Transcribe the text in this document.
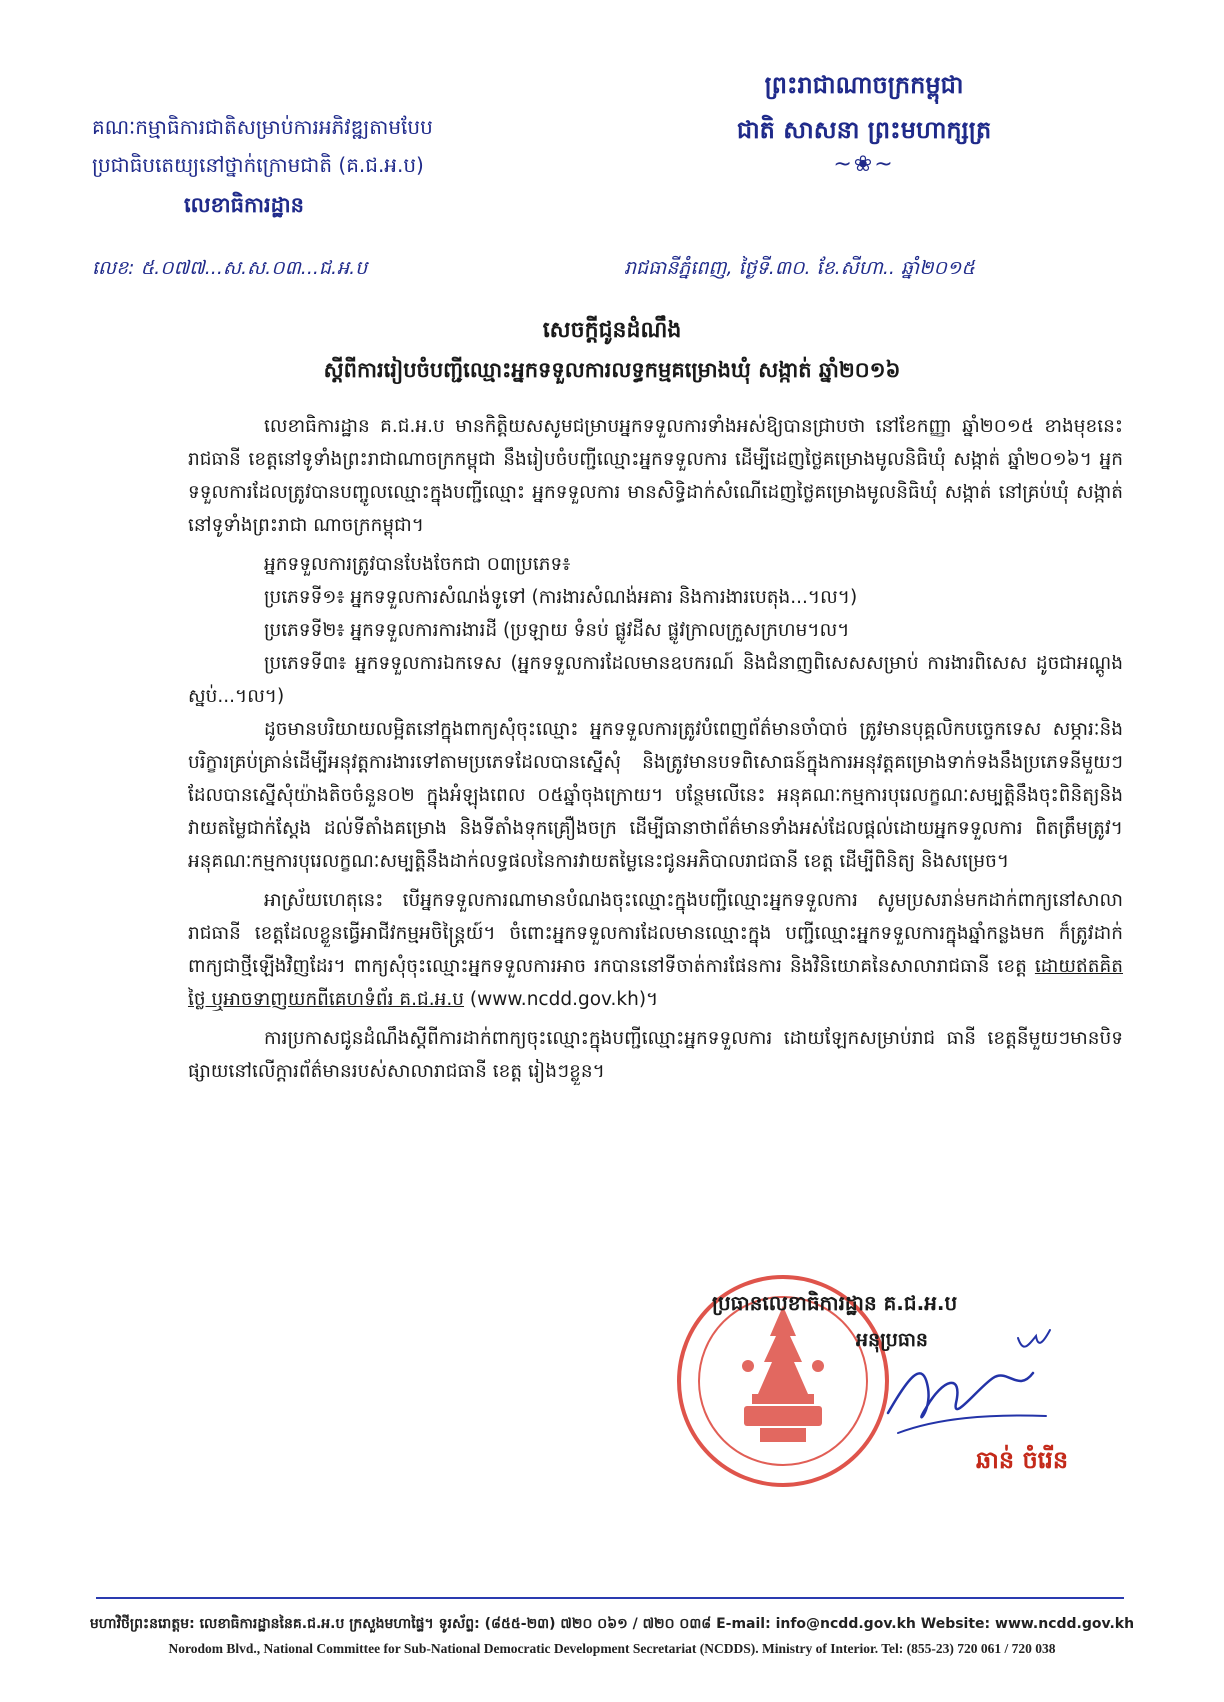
ព្រះរាជាណាចក្រកម្ពុជា
ជាតិ សាសនា ព្រះមហាក្សត្រ
~❀~
គណៈកម្មាធិការជាតិសម្រាប់ការអភិវឌ្ឍតាមបែប
ប្រជាធិបតេយ្យនៅថ្នាក់ក្រោមជាតិ (គ.ជ.អ.ប)
លេខាធិការដ្ឋាន
លេខ: ៥.០៧៧...ស.ស.០៣...ជ.អ.ប	រាជធានីភ្នំពេញ, ថ្ងៃទី.៣០. ខែ.សីហា.. ឆ្នាំ២០១៥
សេចក្តីជូនដំណឹង
ស្តីពីការរៀបចំបញ្ជីឈ្មោះអ្នកទទួលការលទ្ធកម្មគម្រោងឃុំ សង្កាត់ ឆ្នាំ២០១៦

លេខាធិការដ្ឋាន គ.ជ.អ.ប មានកិត្តិយសសូមជម្រាបអ្នកទទួលការទាំងអស់ឱ្យបានជ្រាបថា នៅខែកញ្ញា ឆ្នាំ២០១៥ ខាងមុខនេះ រាជធានី ខេត្តនៅទូទាំងព្រះរាជាណាចក្រកម្ពុជា នឹងរៀបចំបញ្ជីឈ្មោះអ្នកទទួលការ ដើម្បីដេញថ្លៃគម្រោងមូលនិធិឃុំ សង្កាត់ ឆ្នាំ២០១៦។ អ្នកទទួលការដែលត្រូវបានបញ្ចូលឈ្មោះក្នុងបញ្ជីឈ្មោះ អ្នកទទួលការ មានសិទ្ធិដាក់សំណើដេញថ្លៃគម្រោងមូលនិធិឃុំ សង្កាត់ នៅគ្រប់ឃុំ សង្កាត់នៅទូទាំងព្រះរាជា ណាចក្រកម្ពុជា។

អ្នកទទួលការត្រូវបានបែងចែកជា ០៣ប្រភេទ៖
ប្រភេទទី១៖ អ្នកទទួលការសំណង់ទូទៅ (ការងារសំណង់អគារ និងការងារបេតុង...។ល។)
ប្រភេទទី២៖ អ្នកទទួលការការងារដី (ប្រឡាយ ទំនប់ ផ្លូវដីស ផ្លូវក្រាលក្រួសក្រហម។ល។

ប្រភេទទី៣៖ អ្នកទទួលការឯកទេស (អ្នកទទួលការដែលមានឧបករណ៍ និងជំនាញពិសេសសម្រាប់ ការងារពិសេស ដូចជាអណ្តូងស្នប់...។ល។)

ដូចមានបរិយាយលម្អិតនៅក្នុងពាក្យសុំចុះឈ្មោះ អ្នកទទួលការត្រូវបំពេញព័ត៌មានចាំបាច់ ត្រូវមានបុគ្គលិកបច្ចេកទេស សម្ភារៈនិងបរិក្ខារគ្រប់គ្រាន់ដើម្បីអនុវត្តការងារទៅតាមប្រភេទដែលបានស្នើសុំ និងត្រូវមានបទពិសោធន៍ក្នុងការអនុវត្តគម្រោងទាក់ទងនឹងប្រភេទនីមួយៗ ដែលបានស្នើសុំយ៉ាងតិចចំនួន០២ ក្នុងអំឡុងពេល ០៥ឆ្នាំចុងក្រោយ។ បន្ថែមលើនេះ អនុគណៈកម្មការបុរេលក្ខណៈសម្បត្តិនឹងចុះពិនិត្យនិងវាយតម្លៃជាក់ស្តែង ដល់ទីតាំងគម្រោង និងទីតាំងទុកគ្រឿងចក្រ ដើម្បីធានាថាព័ត៌មានទាំងអស់ដែលផ្តល់ដោយអ្នកទទួលការ ពិតត្រឹមត្រូវ។ អនុគណៈកម្មការបុរេលក្ខណៈសម្បត្តិនឹងដាក់លទ្ធផលនៃការវាយតម្លៃនេះជូនអភិបាលរាជធានី ខេត្ត ដើម្បីពិនិត្យ និងសម្រេច។

អាស្រ័យហេតុនេះ បើអ្នកទទួលការណាមានបំណងចុះឈ្មោះក្នុងបញ្ជីឈ្មោះអ្នកទទួលការ សូមប្រសរាន់មកដាក់ពាក្យនៅសាលារាជធានី ខេត្តដែលខ្លួនធ្វើអាជីវកម្មអចិន្ត្រៃយ៍។ ចំពោះអ្នកទទួលការដែលមានឈ្មោះក្នុង បញ្ជីឈ្មោះអ្នកទទួលការក្នុងឆ្នាំកន្លងមក ក៏ត្រូវដាក់ពាក្យជាថ្មីឡើងវិញដែរ។ ពាក្យសុំចុះឈ្មោះអ្នកទទួលការអាច រកបាននៅទីចាត់ការផែនការ និងវិនិយោគនៃសាលារាជធានី ខេត្ត ដោយឥតគិតថ្លៃ ឬអាចទាញយកពីគេហទំព័រ គ.ជ.អ.ប (www.ncdd.gov.kh)។

ការប្រកាសជូនដំណឹងស្តីពីការដាក់ពាក្យចុះឈ្មោះក្នុងបញ្ជីឈ្មោះអ្នកទទួលការ ដោយឡែកសម្រាប់រាជ ធានី ខេត្តនីមួយៗមានបិទផ្សាយនៅលើក្តារព័ត៌មានរបស់សាលារាជធានី ខេត្ត រៀងៗខ្លួន។

ប្រធានលេខាធិការដ្ឋាន គ.ជ.អ.ប
អនុប្រធាន
ឆាន់ ចំរើន
មហាវិថីព្រះនរោត្តម: លេខាធិការដ្ឋាននៃគ.ជ.អ.ប ក្រសួងមហាផ្ទៃ។ ទូរស័ព្ទ: (៨៥៥-២៣) ៧២០ ០៦១ / ៧២០ ០៣៨ E-mail: info@ncdd.gov.kh Website: www.ncdd.gov.kh
Norodom Blvd., National Committee for Sub-National Democratic Development Secretariat (NCDDS). Ministry of Interior. Tel: (855-23) 720 061 / 720 038
